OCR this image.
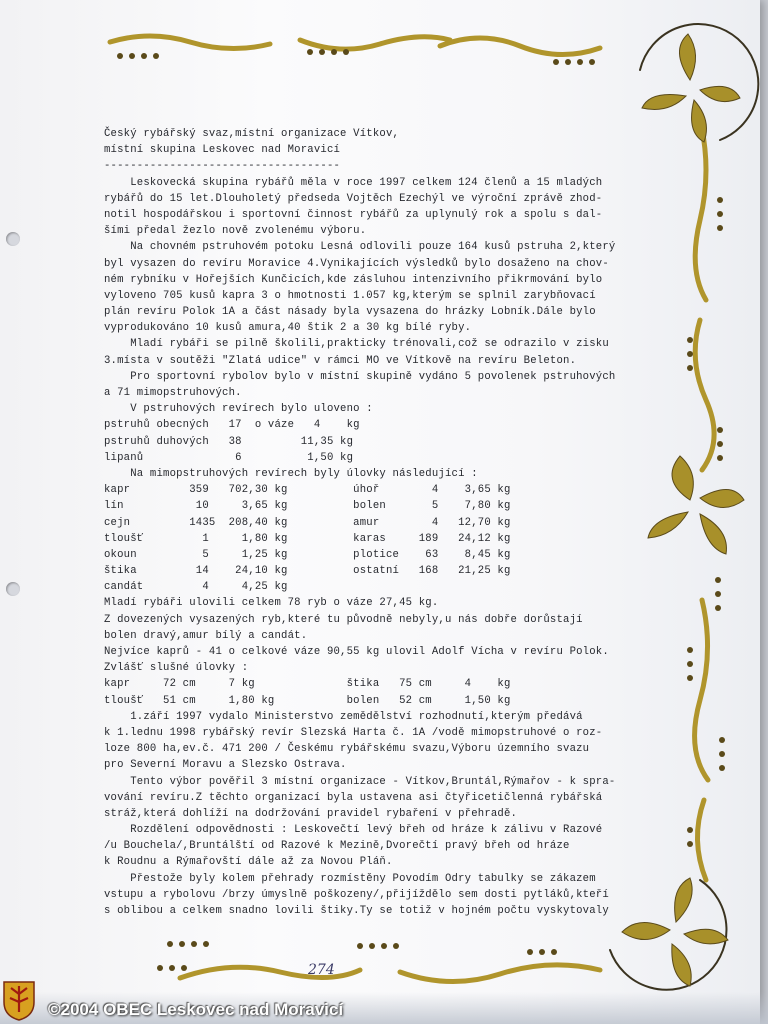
Český rybářský svaz,místní organizace Vítkov,
místní skupina Leskovec nad Moravicí
------------------------------------
Leskovecká skupina rybářů měla v roce 1997 celkem 124 členů a 15 mladých
rybářů do 15 let.Dlouholetý předseda Vojtěch Ezechýl ve výroční zprávě zhod-
notil hospodářskou i sportovní činnost rybářů za uplynulý rok a spolu s dal-
šími předal žezlo nově zvolenému výboru.
Na chovném pstruhovém potoku Lesná odlovili pouze 164 kusů pstruha 2,který
byl vysazen do revíru Moravice 4.Vynikajících výsledků bylo dosaženo na chov-
ném rybníku v Hořejších Kunčicích,kde zásluhou intenzivního přikrmování bylo
vyloveno 705 kusů kapra 3 o hmotnosti 1.057 kg,kterým se splnil zarybňovací
plán revíru Polok 1A a část násady byla vysazena do hrázky Lobník.Dále bylo
vyprodukováno 10 kusů amura,40 štik 2 a 30 kg bílé ryby.
Mladí rybáři se pilně školili,prakticky trénovali,což se odrazilo v zisku
3.místa v soutěži "Zlatá udice" v rámci MO ve Vítkově na revíru Beleton.
Pro sportovní rybolov bylo v místní skupině vydáno 5 povolenek pstruhových
a 71 mimopstruhových.
V pstruhových revírech bylo uloveno :
pstruhů obecných   17  o váze   4    kg
pstruhů duhových   38         11,35 kg
lipanů              6          1,50 kg
Na mimopstruhových revírech byly úlovky následující :
kapr         359   702,30 kg          úhoř        4    3,65 kg
lín           10     3,65 kg          bolen       5    7,80 kg
cejn         1435  208,40 kg          amur        4   12,70 kg
tloušť         1     1,80 kg          karas     189   24,12 kg
okoun          5     1,25 kg          plotice    63    8,45 kg
štika         14    24,10 kg          ostatní   168   21,25 kg
candát         4     4,25 kg
Mladí rybáři ulovili celkem 78 ryb o váze 27,45 kg.
Z dovezených vysazených ryb,které tu původně nebyly,u nás dobře dorůstají
bolen dravý,amur bílý a candát.
Nejvíce kaprů - 41 o celkové váze 90,55 kg ulovil Adolf Vícha v revíru Polok.
Zvlášť slušné úlovky :
kapr     72 cm     7 kg              štika   75 cm     4    kg
tloušť   51 cm     1,80 kg           bolen   52 cm     1,50 kg
1.září 1997 vydalo Ministerstvo zemědělství rozhodnutí,kterým předává
k 1.lednu 1998 rybářský revír Slezská Harta č. 1A /vodě mimopstruhové o roz-
loze 800 ha,ev.č. 471 200 / Českému rybářskému svazu,Výboru územního svazu
pro Severní Moravu a Slezsko Ostrava.
Tento výbor pověřil 3 místní organizace - Vítkov,Bruntál,Rýmařov - k spra-
vování revíru.Z těchto organizací byla ustavena asi čtyřicetičlenná rybářská
stráž,která dohlíží na dodržování pravidel rybaření v přehradě.
Rozdělení odpovědnosti : Leskovečtí levý břeh od hráze k zálivu v Razové
/u Bouchela/,Bruntálští od Razové k Mezině,Dvorečtí pravý břeh od hráze
k Roudnu a Rýmařovští dále až za Novou Pláň.
Přestože byly kolem přehrady rozmístěny Povodím Odry tabulky se zákazem
vstupu a rybolovu /brzy úmyslně poškozeny/,přijíždělo sem dosti pytláků,kteří
s oblibou a celkem snadno lovili štiky.Ty se totiž v hojném počtu vyskytovaly
274
©2004 OBEC Leskovec nad Moravicí
